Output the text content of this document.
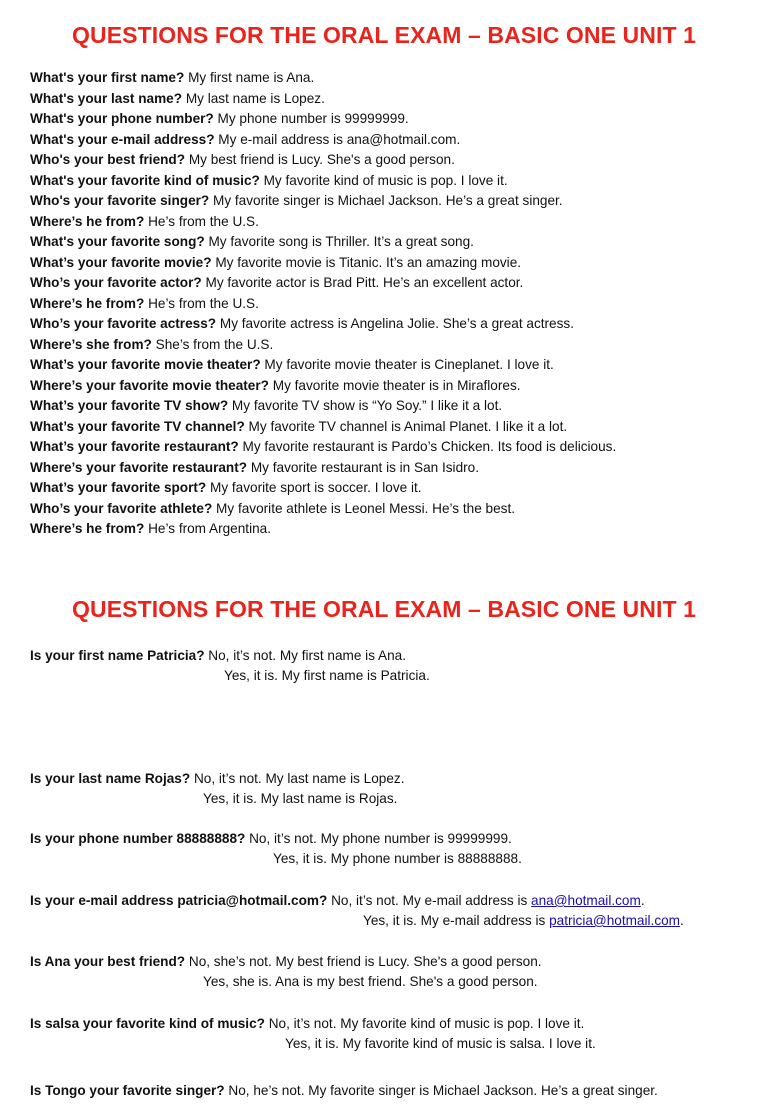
QUESTIONS FOR THE ORAL EXAM – BASIC ONE UNIT 1
What's your first name? My first name is Ana.
What's your last name? My last name is Lopez.
What's your phone number? My phone number is 99999999.
What's your e-mail address? My e-mail address is ana@hotmail.com.
Who's your best friend? My best friend is Lucy. She's a good person.
What's your favorite kind of music? My favorite kind of music is pop. I love it.
Who's your favorite singer? My favorite singer is Michael Jackson. He’s a great singer.
Where’s he from? He’s from the U.S.
What's your favorite song? My favorite song is Thriller. It’s a great song.
What’s your favorite movie? My favorite movie is Titanic. It’s an amazing movie.
Who’s your favorite actor? My favorite actor is Brad Pitt. He’s an excellent actor.
Where’s he from? He’s from the U.S.
Who’s your favorite actress? My favorite actress is Angelina Jolie. She’s a great actress.
Where’s she from? She’s from the U.S.
What’s your favorite movie theater? My favorite movie theater is Cineplanet. I love it.
Where’s your favorite movie theater? My favorite movie theater is in Miraflores.
What’s your favorite TV show? My favorite TV show is “Yo Soy.” I like it a lot.
What’s your favorite TV channel? My favorite TV channel is Animal Planet. I like it a lot.
What’s your favorite restaurant? My favorite restaurant is Pardo’s Chicken. Its food is delicious.
Where’s your favorite restaurant? My favorite restaurant is in San Isidro.
What’s your favorite sport? My favorite sport is soccer. I love it.
Who’s your favorite athlete? My favorite athlete is Leonel Messi. He’s the best.
Where’s he from? He’s from Argentina.
QUESTIONS FOR THE ORAL EXAM – BASIC ONE UNIT 1
Is your first name Patricia? No, it’s not. My first name is Ana.
Yes, it is. My first name is Patricia.
Is your last name Rojas? No, it’s not. My last name is Lopez.
Yes, it is. My last name is Rojas.
Is your phone number 88888888? No, it’s not. My phone number is 99999999.
Yes, it is. My phone number is 88888888.
Is your e-mail address patricia@hotmail.com? No, it’s not. My e-mail address is ana@hotmail.com.
Yes, it is. My e-mail address is patricia@hotmail.com.
Is Ana your best friend? No, she’s not. My best friend is Lucy. She's a good person.
Yes, she is. Ana is my best friend. She's a good person.
Is salsa your favorite kind of music? No, it’s not. My favorite kind of music is pop. I love it.
Yes, it is. My favorite kind of music is salsa. I love it.
Is Tongo your favorite singer? No, he’s not. My favorite singer is Michael Jackson. He’s a great singer.
